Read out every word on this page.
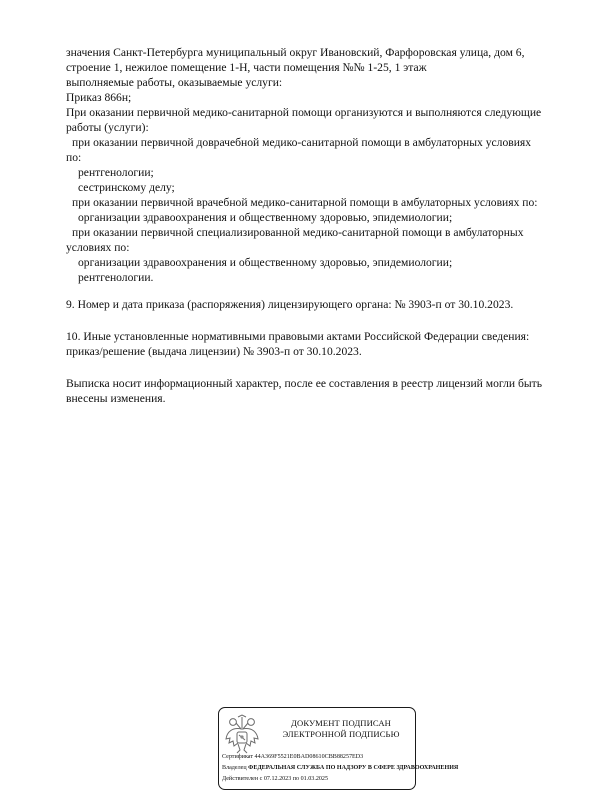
значения Санкт-Петербурга муниципальный округ Ивановский, Фарфоровская улица, дом 6,
строение 1, нежилое помещение 1-Н, части помещения №№ 1-25, 1 этаж
выполняемые работы, оказываемые услуги:
Приказ 866н;
При оказании первичной медико-санитарной помощи организуются и выполняются следующие
работы (услуги):
при оказании первичной доврачебной медико-санитарной помощи в амбулаторных условиях
по:
рентгенологии;
сестринскому делу;
при оказании первичной врачебной медико-санитарной помощи в амбулаторных условиях по:
организации здравоохранения и общественному здоровью, эпидемиологии;
при оказании первичной специализированной медико-санитарной помощи в амбулаторных
условиях по:
организации здравоохранения и общественному здоровью, эпидемиологии;
рентгенологии.
9. Номер и дата приказа (распоряжения) лицензирующего органа: № 3903-п от 30.10.2023.
10. Иные установленные нормативными правовыми актами Российской Федерации сведения:
приказ/решение (выдача лицензии) № 3903-п от 30.10.2023.
Выписка носит информационный характер, после ее составления в реестр лицензий могли быть
внесены изменения.
ДОКУМЕНТ ПОДПИСАН
ЭЛЕКТРОННОЙ ПОДПИСЬЮ
Сертификат 44A369F5521E0BAD08610CBB88257ED3
Владелец ФЕДЕРАЛЬНАЯ СЛУЖБА ПО НАДЗОРУ В СФЕРЕ ЗДРАВООХРАНЕНИЯ
Действителен с 07.12.2023 по 01.03.2025
